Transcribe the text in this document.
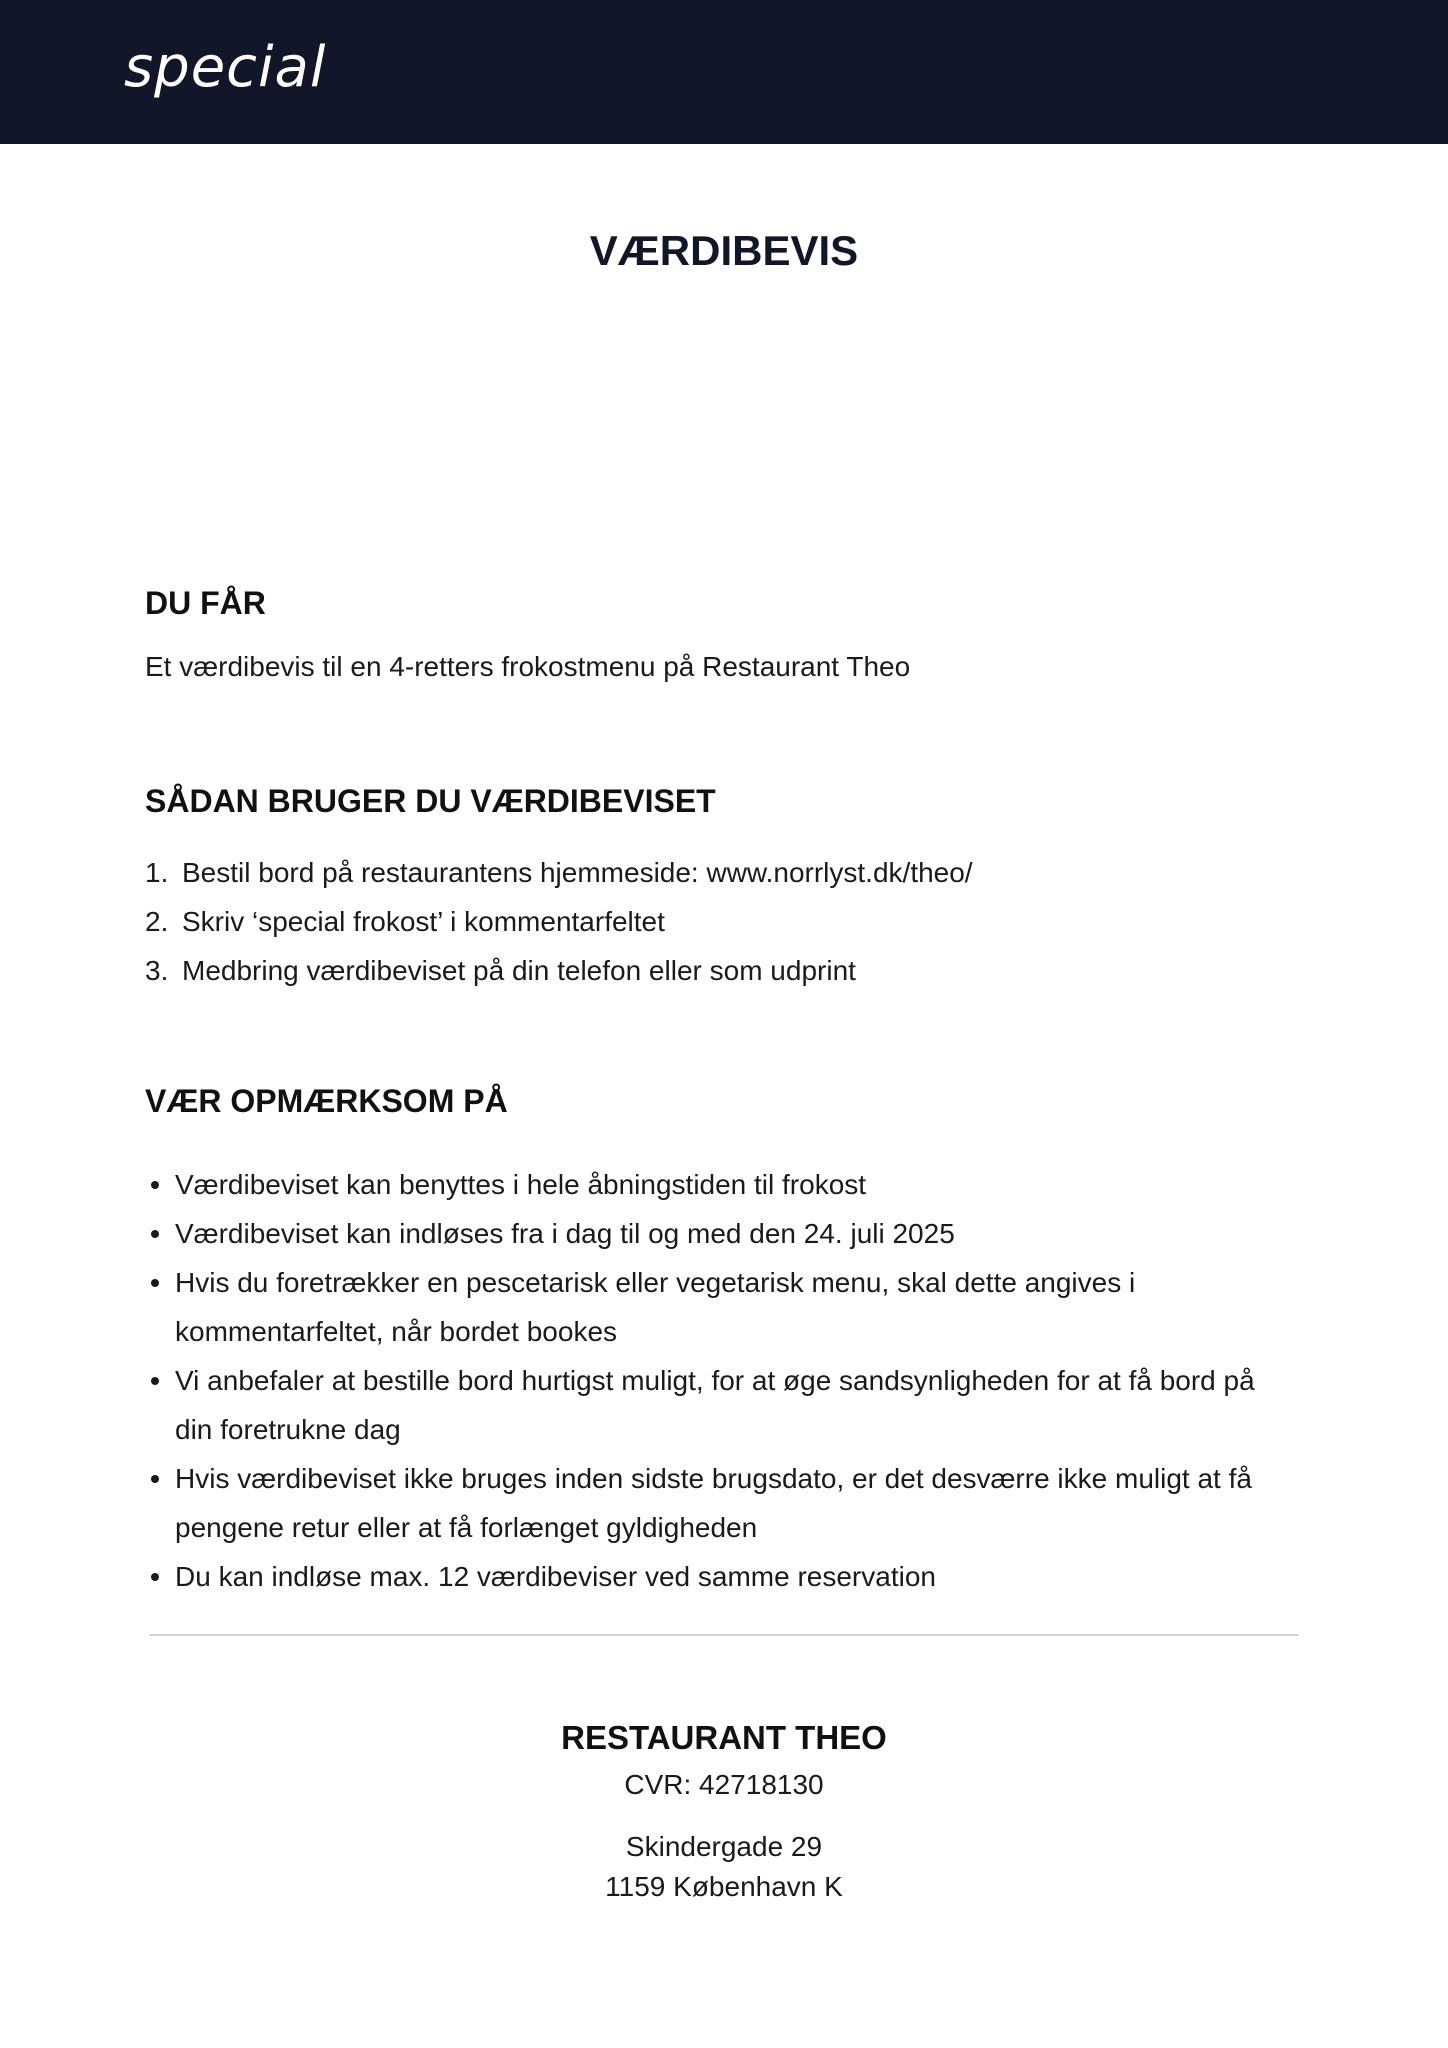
special
VÆRDIBEVIS
DU FÅR
Et værdibevis til en 4-retters frokostmenu på Restaurant Theo
SÅDAN BRUGER DU VÆRDIBEVISET
1. Bestil bord på restaurantens hjemmeside: www.norrlyst.dk/theo/
2. Skriv ‘special frokost’ i kommentarfeltet
3. Medbring værdibeviset på din telefon eller som udprint
VÆR OPMÆRKSOM PÅ
Værdibeviset kan benyttes i hele åbningstiden til frokost
Værdibeviset kan indløses fra i dag til og med den 24. juli 2025
Hvis du foretrækker en pescetarisk eller vegetarisk menu, skal dette angives i kommentarfeltet, når bordet bookes
Vi anbefaler at bestille bord hurtigst muligt, for at øge sandsynligheden for at få bord på din foretrukne dag
Hvis værdibeviset ikke bruges inden sidste brugsdato, er det desværre ikke muligt at få pengene retur eller at få forlænget gyldigheden
Du kan indløse max. 12 værdibeviser ved samme reservation
RESTAURANT THEO
CVR: 42718130
Skindergade 29
1159 København K
